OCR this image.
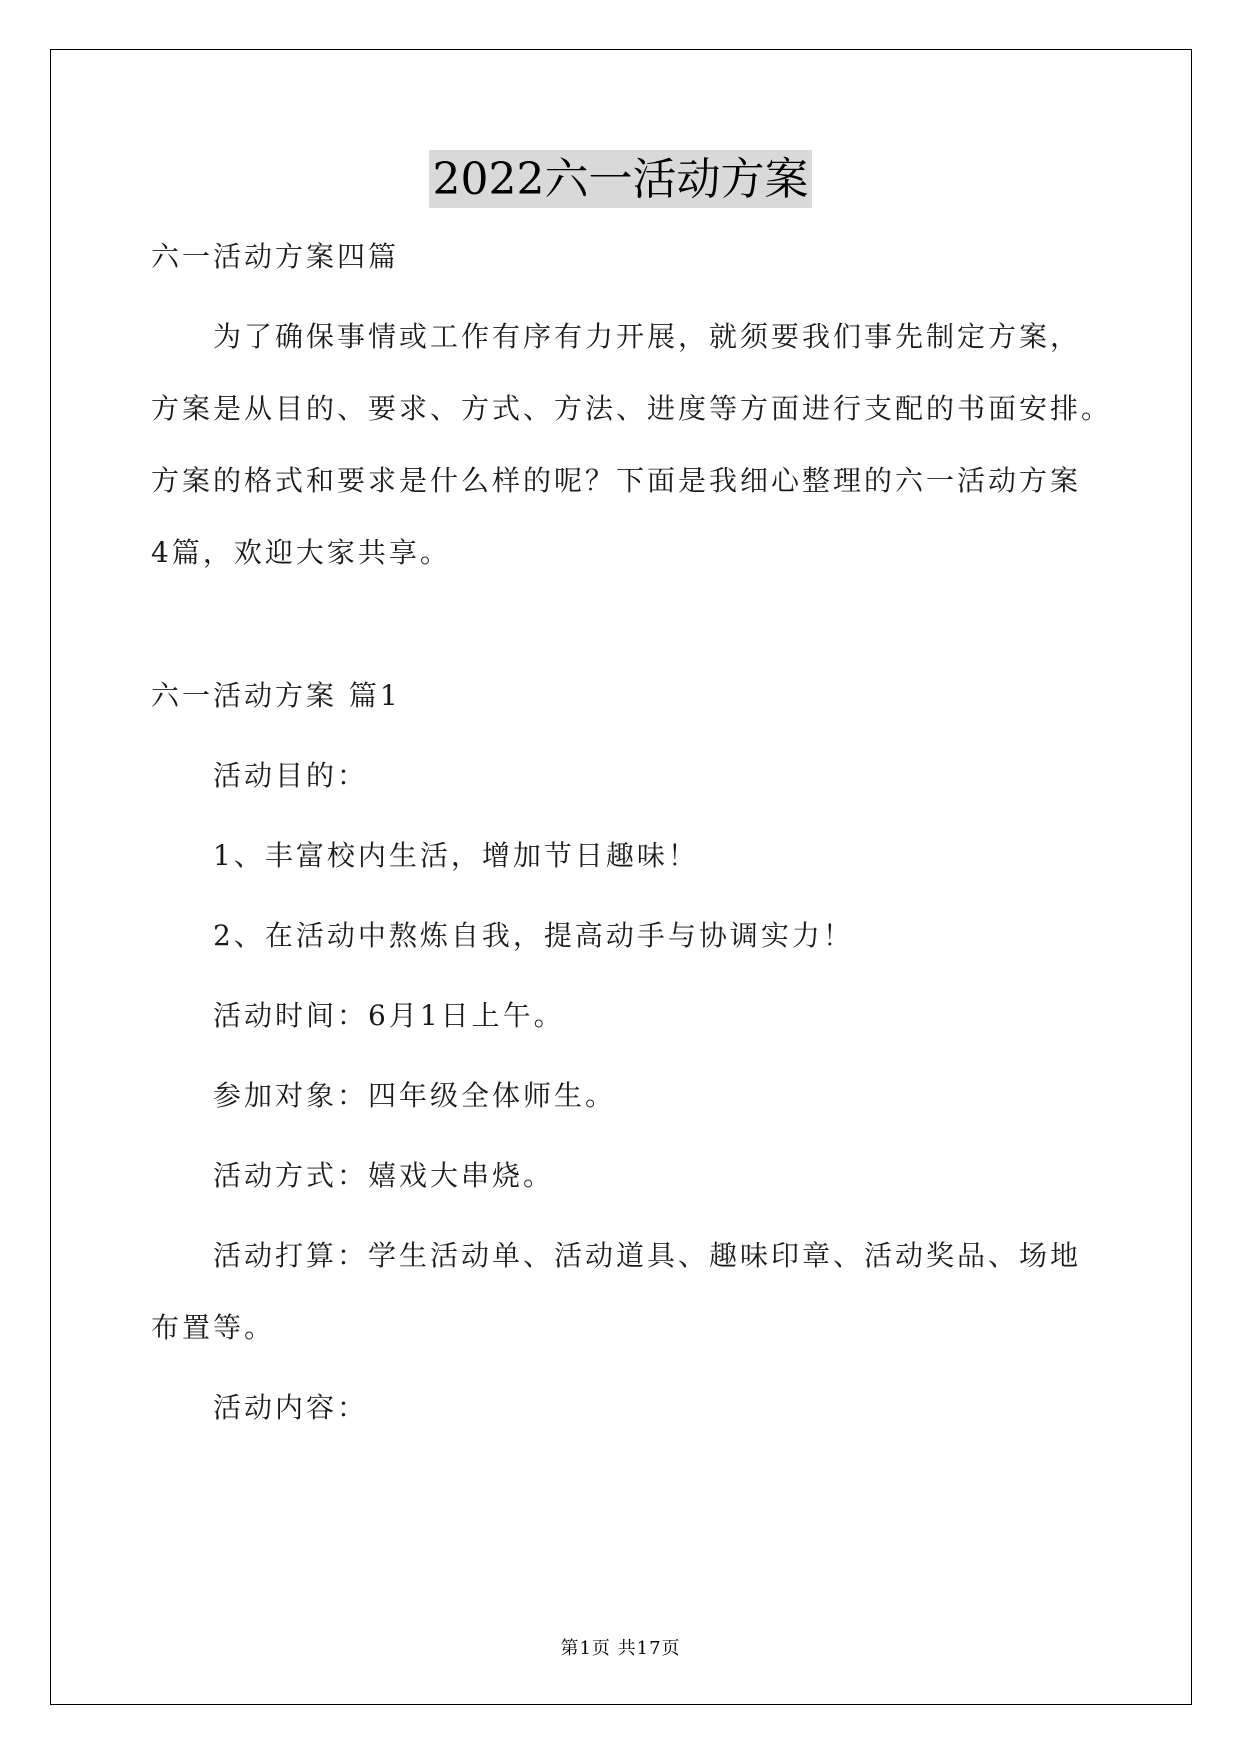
2022六一活动方案
六一活动方案四篇
为了确保事情或工作有序有力开展，就须要我们事先制定方案，
方案是从目的、要求、方式、方法、进度等方面进行支配的书面安排。
方案的格式和要求是什么样的呢？下面是我细心整理的六一活动方案
4篇，欢迎大家共享。
六一活动方案 篇1
活动目的：
1、丰富校内生活，增加节日趣味！
2、在活动中熬炼自我，提高动手与协调实力！
活动时间：6月1日上午。
参加对象：四年级全体师生。
活动方式：嬉戏大串烧。
活动打算：学生活动单、活动道具、趣味印章、活动奖品、场地
布置等。
活动内容：
第1页 共17页
